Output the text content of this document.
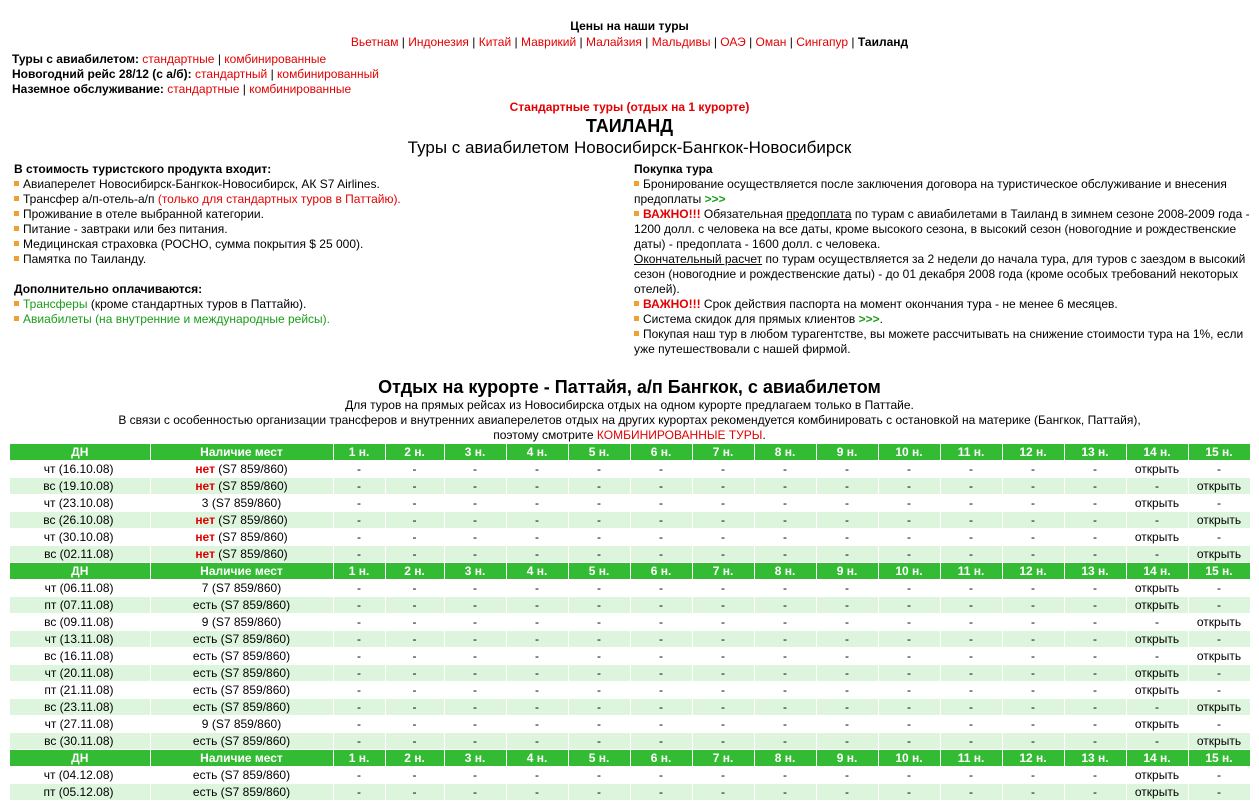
Цены на наши туры
Вьетнам | Индонезия | Китай | Маврикий | Малайзия | Мальдивы | ОАЭ | Оман | Сингапур | Таиланд
Туры с авиабилетом: стандартные | комбинированные
Новогодний рейс 28/12 (с а/б): стандартный | комбинированный
Наземное обслуживание: стандартные | комбинированные
Стандартные туры (отдых на 1 курорте)
ТАИЛАНД
Туры с авиабилетом Новосибирск-Бангкок-Новосибирск
В стоимость туристского продукта входит:
Авиаперелет Новосибирск-Бангкок-Новосибирск, АК S7 Airlines.
Трансфер а/п-отель-а/п (только для стандартных туров в Паттайю).
Проживание в отеле выбранной категории.
Питание - завтраки или без питания.
Медицинская страховка (РОСНО, сумма покрытия $ 25 000).
Памятка по Таиланду.
Дополнительно оплачиваются:
Трансферы (кроме стандартных туров в Паттайю).
Авиабилеты (на внутренние и международные рейсы).
Покупка тура
Бронирование осуществляется после заключения договора на туристическое обслуживание и внесения предоплаты >>>
ВАЖНО!!! Обязательная предоплата по турам с авиабилетами в Таиланд в зимнем сезоне 2008-2009 года - 1200 долл. с человека на все даты, кроме высокого сезона, в высокий сезон (новогодние и рождественские даты) - предоплата - 1600 долл. с человека.
Окончательный расчет по турам осуществляется за 2 недели до начала тура, для туров с заездом в высокий сезон (новогодние и рождественские даты) - до 01 декабря 2008 года (кроме особых требований некоторых отелей).
ВАЖНО!!! Срок действия паспорта на момент окончания тура - не менее 6 месяцев.
Система скидок для прямых клиентов >>>.
Покупая наш тур в любом турагентстве, вы можете рассчитывать на снижение стоимости тура на 1%, если уже путешествовали с нашей фирмой.
Отдых на курорте - Паттайя, а/п Бангкок, с авиабилетом
Для туров на прямых рейсах из Новосибирска отдых на одном курорте предлагаем только в Паттайе.
В связи с особенностью организации трансферов и внутренних авиаперелетов отдых на других курортах рекомендуется комбинировать с остановкой на материке (Бангкок, Паттайя),
поэтому смотрите КОМБИНИРОВАННЫЕ ТУРЫ.
ДН	Наличие мест	1 н.	2 н.	3 н.	4 н.	5 н.	6 н.	7 н.	8 н.	9 н.	10 н.	11 н.	12 н.	13 н.	14 н.	15 н.
чт (16.10.08)	нет (S7 859/860)	-	-	-	-	-	-	-	-	-	-	-	-	-	открыть	-
вс (19.10.08)	нет (S7 859/860)	-	-	-	-	-	-	-	-	-	-	-	-	-	-	открыть
чт (23.10.08)	3 (S7 859/860)	-	-	-	-	-	-	-	-	-	-	-	-	-	открыть	-
вс (26.10.08)	нет (S7 859/860)	-	-	-	-	-	-	-	-	-	-	-	-	-	-	открыть
чт (30.10.08)	нет (S7 859/860)	-	-	-	-	-	-	-	-	-	-	-	-	-	открыть	-
вс (02.11.08)	нет (S7 859/860)	-	-	-	-	-	-	-	-	-	-	-	-	-	-	открыть
ДН	Наличие мест	1 н.	2 н.	3 н.	4 н.	5 н.	6 н.	7 н.	8 н.	9 н.	10 н.	11 н.	12 н.	13 н.	14 н.	15 н.
чт (06.11.08)	7 (S7 859/860)	-	-	-	-	-	-	-	-	-	-	-	-	-	открыть	-
пт (07.11.08)	есть (S7 859/860)	-	-	-	-	-	-	-	-	-	-	-	-	-	открыть	-
вс (09.11.08)	9 (S7 859/860)	-	-	-	-	-	-	-	-	-	-	-	-	-	-	открыть
чт (13.11.08)	есть (S7 859/860)	-	-	-	-	-	-	-	-	-	-	-	-	-	открыть	-
вс (16.11.08)	есть (S7 859/860)	-	-	-	-	-	-	-	-	-	-	-	-	-	-	открыть
чт (20.11.08)	есть (S7 859/860)	-	-	-	-	-	-	-	-	-	-	-	-	-	открыть	-
пт (21.11.08)	есть (S7 859/860)	-	-	-	-	-	-	-	-	-	-	-	-	-	открыть	-
вс (23.11.08)	есть (S7 859/860)	-	-	-	-	-	-	-	-	-	-	-	-	-	-	открыть
чт (27.11.08)	9 (S7 859/860)	-	-	-	-	-	-	-	-	-	-	-	-	-	открыть	-
вс (30.11.08)	есть (S7 859/860)	-	-	-	-	-	-	-	-	-	-	-	-	-	-	открыть
ДН	Наличие мест	1 н.	2 н.	3 н.	4 н.	5 н.	6 н.	7 н.	8 н.	9 н.	10 н.	11 н.	12 н.	13 н.	14 н.	15 н.
чт (04.12.08)	есть (S7 859/860)	-	-	-	-	-	-	-	-	-	-	-	-	-	открыть	-
пт (05.12.08)	есть (S7 859/860)	-	-	-	-	-	-	-	-	-	-	-	-	-	открыть	-
